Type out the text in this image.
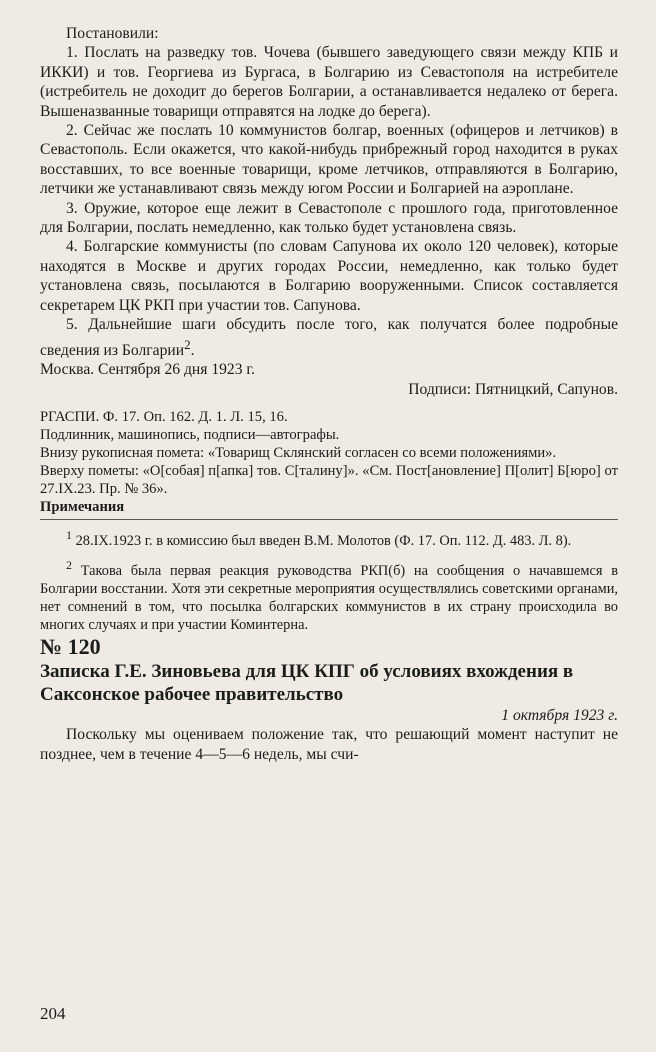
Постановили:

1. Послать на разведку тов. Чочева (бывшего заведующего связи между КПБ и ИККИ) и тов. Георгиева из Бургаса, в Болгарию из Севастополя на истребителе (истребитель не доходит до берегов Болгарии, а останавливается недалеко от берега. Вышеназванные товарищи отправятся на лодке до берега).

2. Сейчас же послать 10 коммунистов болгар, военных (офицеров и летчиков) в Севастополь. Если окажется, что какой-нибудь прибрежный город находится в руках восставших, то все военные товарищи, кроме летчиков, отправляются в Болгарию, летчики же устанавливают связь между югом России и Болгарией на аэроплане.

3. Оружие, которое еще лежит в Севастополе с прошлого года, приготовленное для Болгарии, послать немедленно, как только будет установлена связь.

4. Болгарские коммунисты (по словам Сапунова их около 120 человек), которые находятся в Москве и других городах России, немедленно, как только будет установлена связь, посылаются в Болгарию вооруженными. Список составляется секретарем ЦК РКП при участии тов. Сапунова.

5. Дальнейшие шаги обсудить после того, как получатся более подробные сведения из Болгарии$^2$.

Москва. Сентября 26 дня 1923 г.

Подписи: Пятницкий, Сапунов.

РГАСПИ. Ф. 17. Оп. 162. Д. 1. Л. 15, 16.

Подлинник, машинопись, подписи—автографы.

Внизу рукописная помета: «Товарищ Склянский согласен со всеми положениями».

Вверху пометы: «О[собая] п[апка] тов. С[талину]». «См. Пост[ановление] П[олит] Б[юро] от 27.IX.23. Пр. № 36».

Примечания

$^1$ 28.IX.1923 г. в комиссию был введен В.М. Молотов (Ф. 17. Оп. 112. Д. 483. Л. 8).

$^2$ Такова была первая реакция руководства РКП(б) на сообщения о начавшемся в Болгарии восстании. Хотя эти секретные мероприятия осуществлялись советскими органами, нет сомнений в том, что посылка болгарских коммунистов в их страну происходила во многих случаях и при участии Коминтерна.

№ 120

Записка Г.Е. Зиновьева для ЦК КПГ об условиях вхождения в Саксонское рабочее правительство

1 октября 1923 г.

Поскольку мы оцениваем положение так, что решающий момент наступит не позднее, чем в течение 4—5—6 недель, мы счи-

204
